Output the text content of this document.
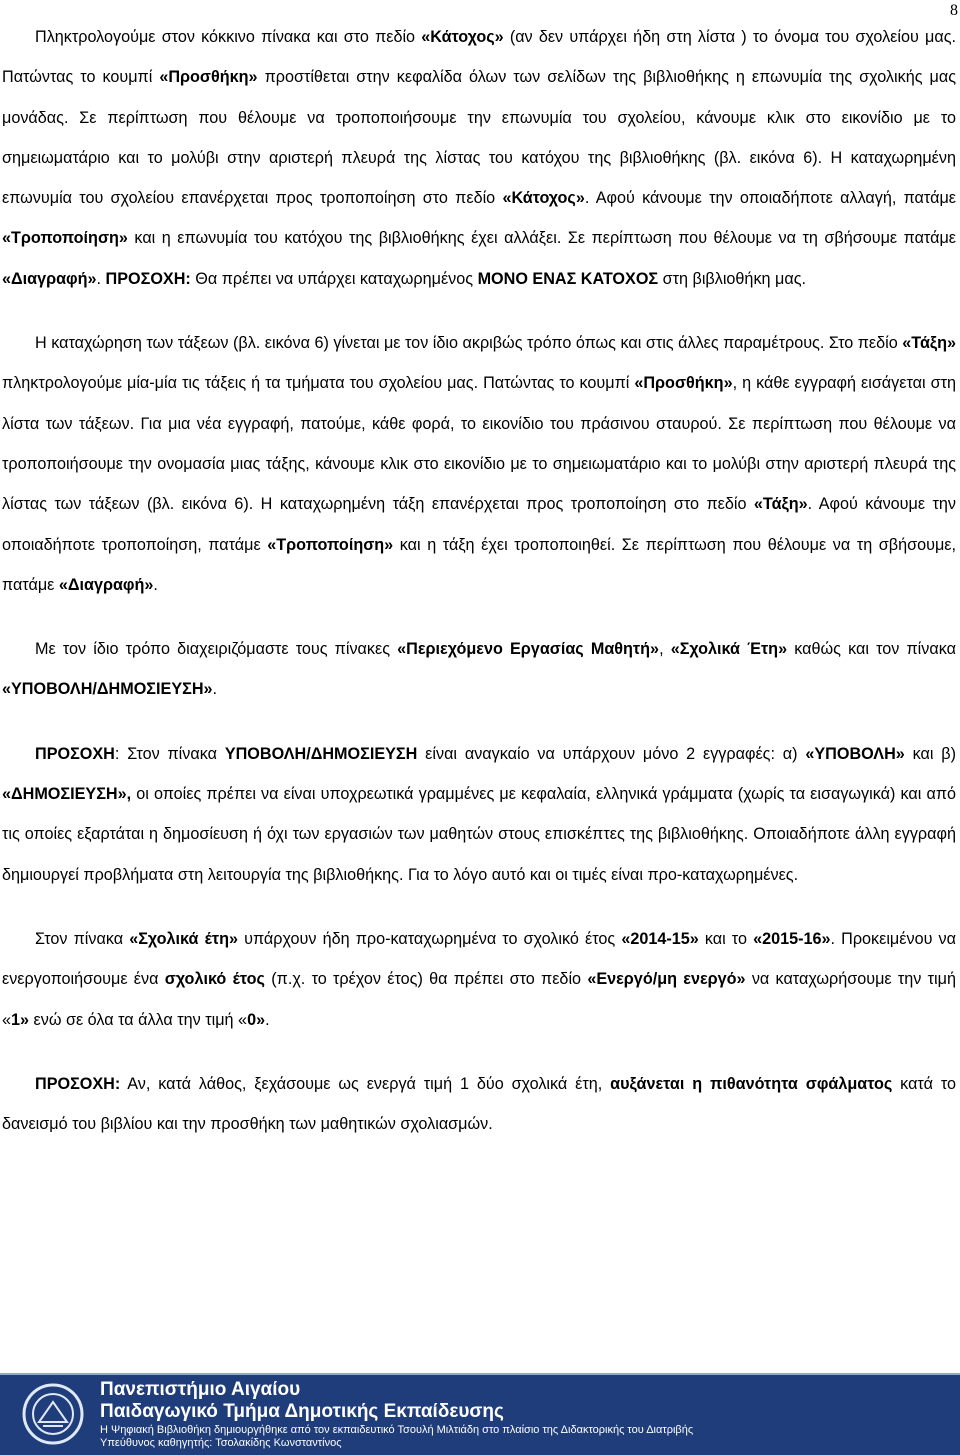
8

Πληκτρολογούμε στον κόκκινο πίνακα και στο πεδίο «Κάτοχος» (αν δεν υπάρχει ήδη στη λίστα ) το όνομα του σχολείου μας. Πατώντας το κουμπί «Προσθήκη» προστίθεται στην κεφαλίδα όλων των σελίδων της βιβλιοθήκης η επωνυμία της σχολικής μας μονάδας. Σε περίπτωση που θέλουμε να τροποποιήσουμε την επωνυμία του σχολείου, κάνουμε κλικ στο εικονίδιο με το σημειωματάριο και το μολύβι στην αριστερή πλευρά της λίστας του κατόχου της βιβλιοθήκης (βλ. εικόνα 6). Η καταχωρημένη επωνυμία του σχολείου επανέρχεται προς τροποποίηση στο πεδίο «Κάτοχος». Αφού κάνουμε την οποιαδήποτε αλλαγή, πατάμε «Τροποποίηση» και η επωνυμία του κατόχου της βιβλιοθήκης έχει αλλάξει. Σε περίπτωση που θέλουμε να τη σβήσουμε πατάμε «Διαγραφή». ΠΡΟΣΟΧΗ: Θα πρέπει να υπάρχει καταχωρημένος ΜΟΝΟ ΕΝΑΣ ΚΑΤΟΧΟΣ στη βιβλιοθήκη μας.

Η καταχώρηση των τάξεων (βλ. εικόνα 6) γίνεται με τον ίδιο ακριβώς τρόπο όπως και στις άλλες παραμέτρους. Στο πεδίο «Τάξη» πληκτρολογούμε μία-μία τις τάξεις ή τα τμήματα του σχολείου μας. Πατώντας το κουμπί «Προσθήκη», η κάθε εγγραφή εισάγεται στη λίστα των τάξεων. Για μια νέα εγγραφή, πατούμε, κάθε φορά, το εικονίδιο του πράσινου σταυρού. Σε περίπτωση που θέλουμε να τροποποιήσουμε την ονομασία μιας τάξης, κάνουμε κλικ στο εικονίδιο με το σημειωματάριο και το μολύβι στην αριστερή πλευρά της λίστας των τάξεων (βλ. εικόνα 6). Η καταχωρημένη τάξη επανέρχεται προς τροποποίηση στο πεδίο «Τάξη». Αφού κάνουμε την οποιαδήποτε τροποποίηση, πατάμε «Τροποποίηση» και η τάξη έχει τροποποιηθεί. Σε περίπτωση που θέλουμε να τη σβήσουμε, πατάμε «Διαγραφή».

Με τον ίδιο τρόπο διαχειριζόμαστε τους πίνακες «Περιεχόμενο Εργασίας Μαθητή», «Σχολικά Έτη» καθώς και τον πίνακα «ΥΠΟΒΟΛΗ/ΔΗΜΟΣΙΕΥΣΗ».

ΠΡΟΣΟΧΗ: Στον πίνακα ΥΠΟΒΟΛΗ/ΔΗΜΟΣΙΕΥΣΗ είναι αναγκαίο να υπάρχουν μόνο 2 εγγραφές: α) «ΥΠΟΒΟΛΗ» και β) «ΔΗΜΟΣΙΕΥΣΗ», οι οποίες πρέπει να είναι υποχρεωτικά γραμμένες με κεφαλαία, ελληνικά γράμματα (χωρίς τα εισαγωγικά) και από τις οποίες εξαρτάται η δημοσίευση ή όχι των εργασιών των μαθητών στους επισκέπτες της βιβλιοθήκης. Οποιαδήποτε άλλη εγγραφή δημιουργεί προβλήματα στη λειτουργία της βιβλιοθήκης. Για το λόγο αυτό και οι τιμές είναι προ-καταχωρημένες.

Στον πίνακα «Σχολικά έτη» υπάρχουν ήδη προ-καταχωρημένα το σχολικό έτος «2014-15» και το «2015-16». Προκειμένου να ενεργοποιήσουμε ένα σχολικό έτος (π.χ. το τρέχον έτος) θα πρέπει στο πεδίο «Ενεργό/μη ενεργό» να καταχωρήσουμε την τιμή «1» ενώ σε όλα τα άλλα την τιμή «0».

ΠΡΟΣΟΧΗ: Αν, κατά λάθος, ξεχάσουμε ως ενεργά τιμή 1 δύο σχολικά έτη, αυξάνεται η πιθανότητα σφάλματος κατά το δανεισμό του βιβλίου και την προσθήκη των μαθητικών σχολιασμών.

Πανεπιστήμιο Αιγαίου
Παιδαγωγικό Τμήμα Δημοτικής Εκπαίδευσης
Η Ψηφιακή Βιβλιοθήκη δημιουργήθηκε από τον εκπαιδευτικό Τσουλή Μιλτιάδη στο πλαίσιο της Διδακτορικής του Διατριβής
Υπεύθυνος καθηγητής: Τσολακίδης Κωνσταντίνος
